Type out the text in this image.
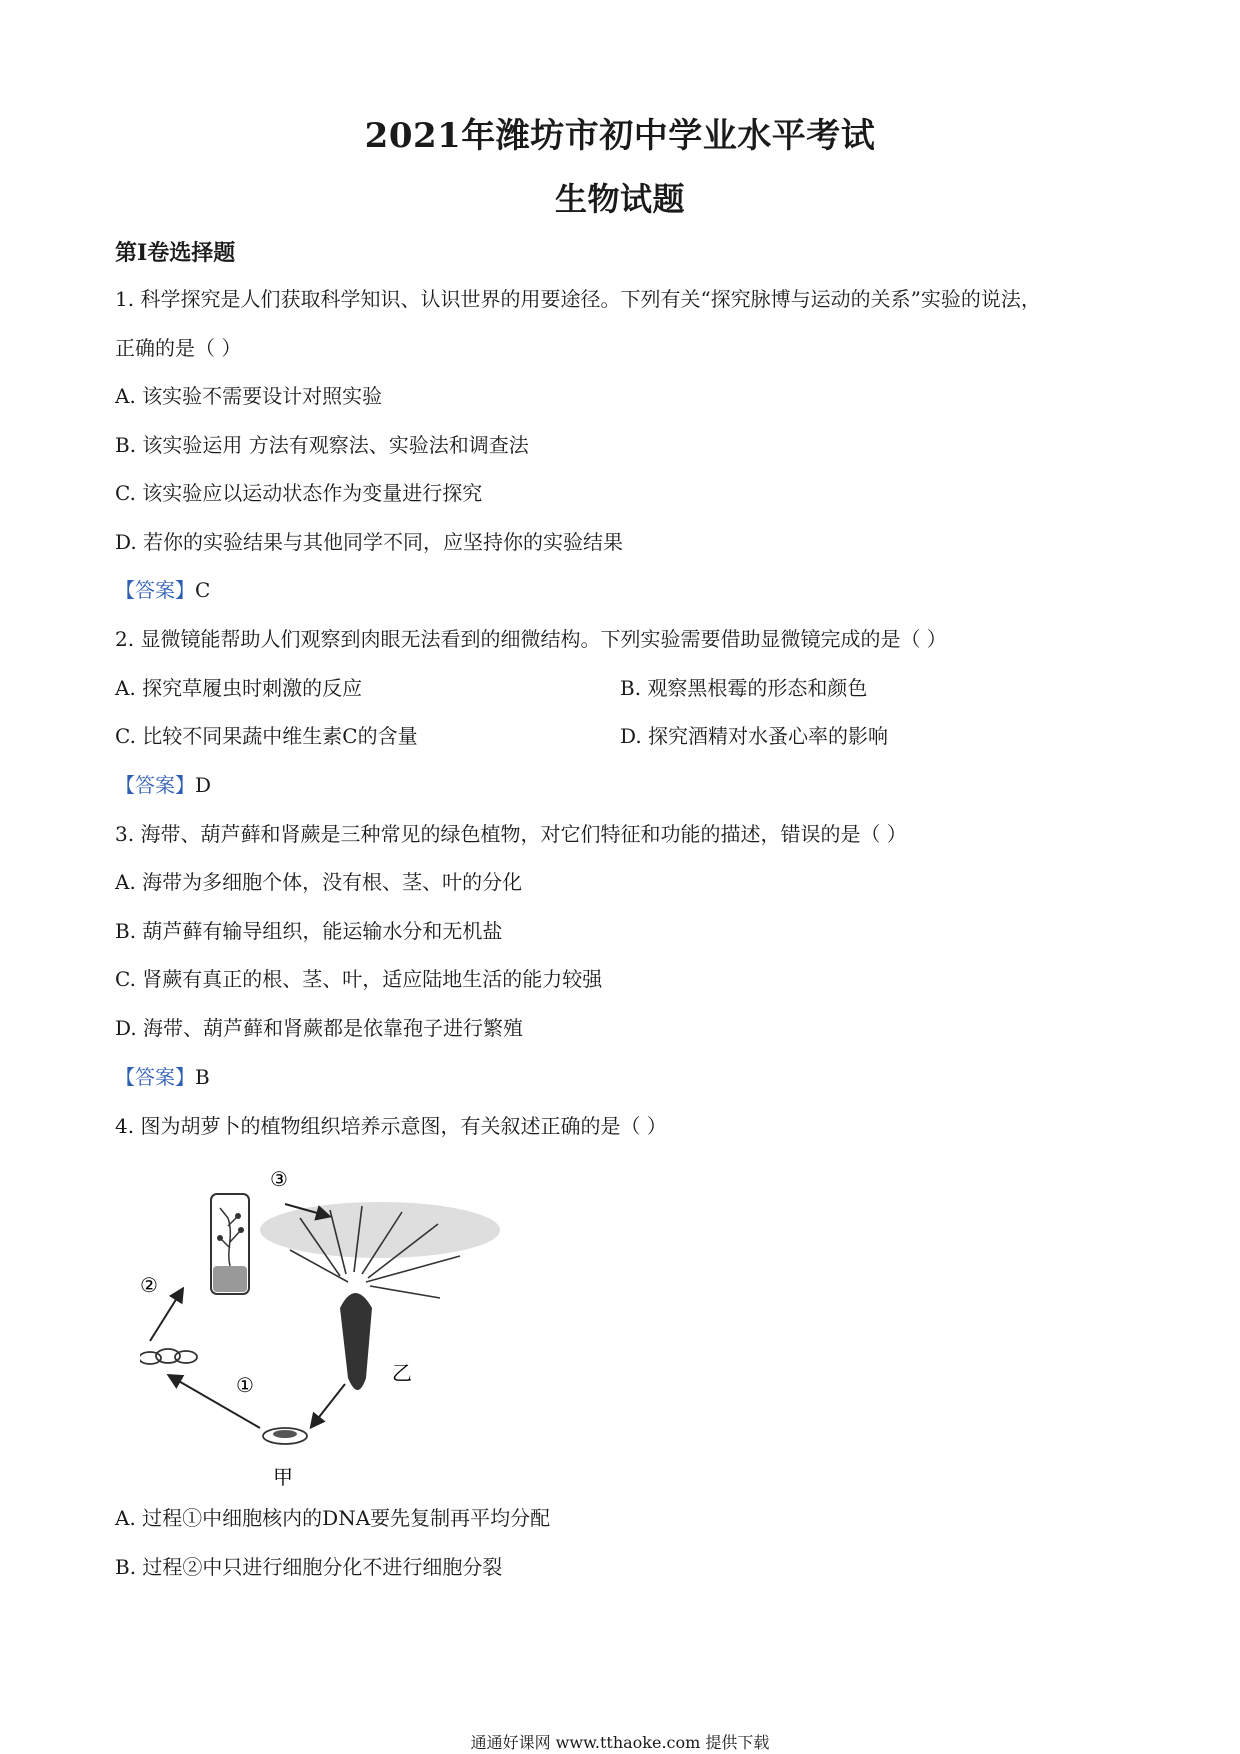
2021年潍坊市初中学业水平考试
生物试题
第Ⅰ卷选择题
1. 科学探究是人们获取科学知识、认识世界的用要途径。下列有关“探究脉博与运动的关系”实验的说法，
正确的是（ ）
A. 该实验不需要设计对照实验
B. 该实验运用 方法有观察法、实验法和调查法
C. 该实验应以运动状态作为变量进行探究
D. 若你的实验结果与其他同学不同，应坚持你的实验结果
【答案】C
2. 显微镜能帮助人们观察到肉眼无法看到的细微结构。下列实验需要借助显微镜完成的是（ ）
A. 探究草履虫时刺激的反应	B. 观察黑根霉的形态和颜色
C. 比较不同果蔬中维生素C的含量	D. 探究酒精对水蚤心率的影响
【答案】D
3. 海带、葫芦藓和肾蕨是三种常见的绿色植物，对它们特征和功能的描述，错误的是（ ）
A. 海带为多细胞个体，没有根、茎、叶的分化
B. 葫芦藓有输导组织，能运输水分和无机盐
C. 肾蕨有真正的根、茎、叶，适应陆地生活的能力较强
D. 海带、葫芦藓和肾蕨都是依靠孢子进行繁殖
【答案】B
4. 图为胡萝卜的植物组织培养示意图，有关叙述正确的是（ ）
③
②
①
甲
乙
A. 过程①中细胞核内的DNA要先复制再平均分配
B. 过程②中只进行细胞分化不进行细胞分裂
通通好课网 www.tthaoke.com 提供下载
